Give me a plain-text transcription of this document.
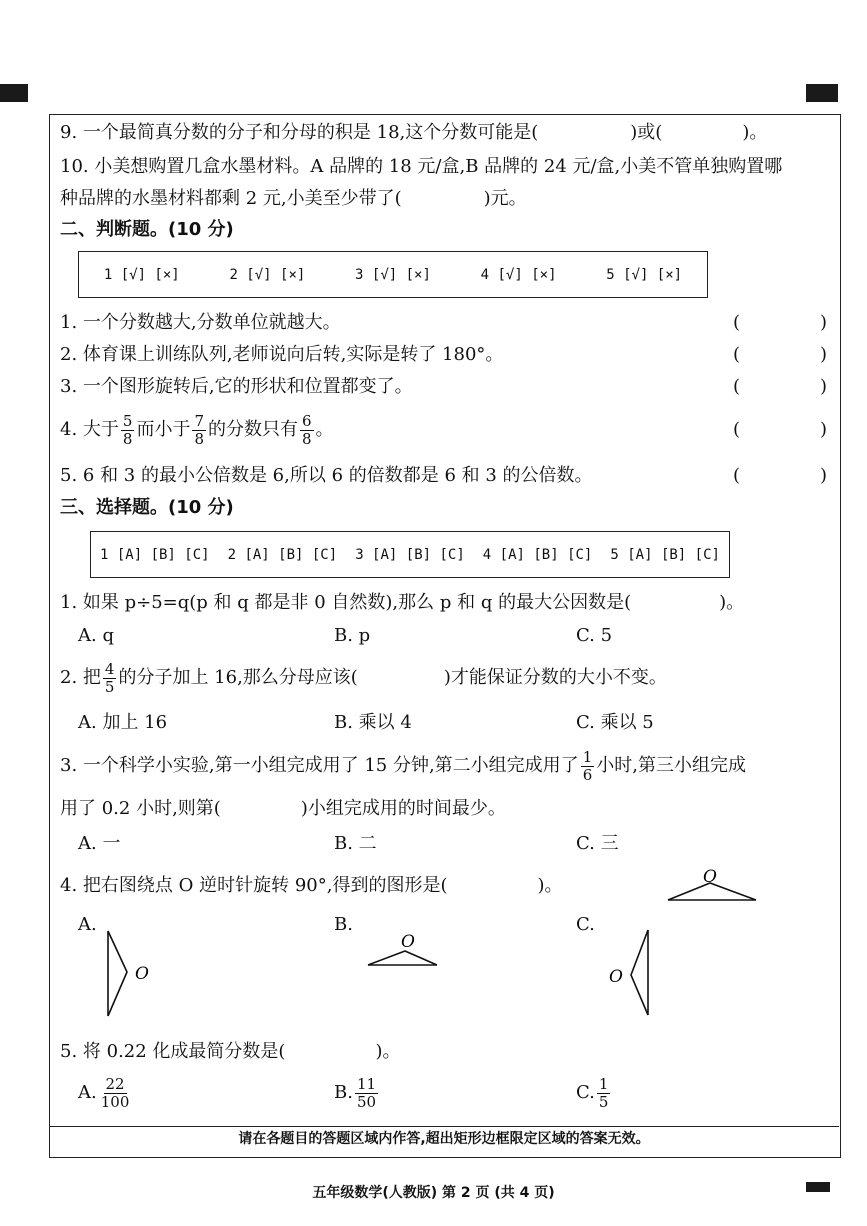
9. 一个最简真分数的分子和分母的积是 18,这个分数可能是(	)或(	)。
10. 小美想购置几盒水墨材料。A 品牌的 18 元/盒,B 品牌的 24 元/盒,小美不管单独购置哪
种品牌的水墨材料都剩 2 元,小美至少带了(	)元。
二、判断题。(10 分)
1 [√] [×]	2 [√] [×]	3 [√] [×]	4 [√] [×]	5 [√] [×]
1. 一个分数越大,分数单位就越大。	(	)
2. 体育课上训练队列,老师说向后转,实际是转了 180°。	(	)
3. 一个图形旋转后,它的形状和位置都变了。	(	)
4. 大于 $\frac{5}{8}$ 而小于 $\frac{7}{8}$ 的分数只有 $\frac{6}{8}$ 。	(	)
5. 6 和 3 的最小公倍数是 6,所以 6 的倍数都是 6 和 3 的公倍数。	(	)
三、选择题。(10 分)
1 [A] [B] [C] 2 [A] [B] [C] 3 [A] [B] [C] 4 [A] [B] [C] 5 [A] [B] [C]
1. 如果 p÷5=q(p 和 q 都是非 0 自然数),那么 p 和 q 的最大公因数是(	)。
A. q	B. p	C. 5
2. 把 $\frac{4}{5}$ 的分子加上 16,那么分母应该(	)才能保证分数的大小不变。
A. 加上 16	B. 乘以 4	C. 乘以 5
3. 一个科学小实验,第一小组完成用了 15 分钟,第二小组完成用了 $\frac{1}{6}$ 小时,第三小组完成
用了 0.2 小时,则第(	)小组完成用的时间最少。
A. 一	B. 二	C. 三
4. 把右图绕点 O 逆时针旋转 90°,得到的图形是(	)。	O
A.
O
B.
O
C.
O
5. 将 0.22 化成最简分数是(	)。
A. $\frac{22}{100}$	B. $\frac{11}{50}$	C. $\frac{1}{5}$
请在各题目的答题区域内作答,超出矩形边框限定区域的答案无效。
五年级数学(人教版) 第 2 页 (共 4 页)
